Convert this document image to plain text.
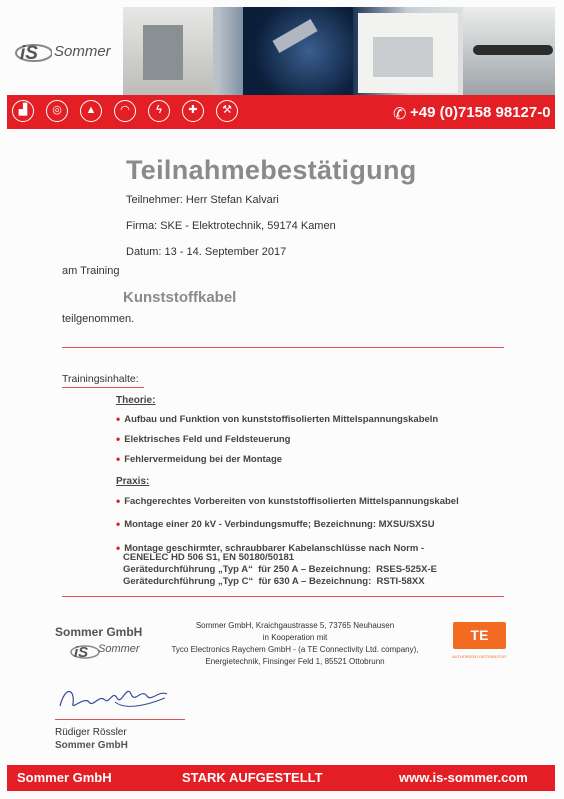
iS Sommer
▟	◎	▲	◠	ϟ	✚	⚒	✆ +49 (0)7158 98127-0
Teilnahmebestätigung
Teilnehmer: Herr Stefan Kalvari
Firma: SKE - Elektrotechnik, 59174 Kamen
Datum: 13 - 14. September 2017
am Training
Kunststoffkabel
teilgenommen.
Trainingsinhalte:
Theorie:
• Aufbau und Funktion von kunststoffisolierten Mittelspannungskabeln
• Elektrisches Feld und Feldsteuerung
• Fehlervermeidung bei der Montage
Praxis:
• Fachgerechtes Vorbereiten von kunststoffisolierten Mittelspannungskabel
• Montage einer 20 kV - Verbindungsmuffe; Bezeichnung: MXSU/SXSU
• Montage geschirmter, schraubbarer Kabelanschlüsse nach Norm -
CENELEC HD 506 S1, EN 50180/50181
Gerätedurchführung „Typ A“  für 250 A – Bezeichnung:  RSES-525X-E
Gerätedurchführung „Typ C“  für 630 A – Bezeichnung:  RSTI-58XX
Sommer GmbH
iS Sommer
Sommer GmbH, Kraichgaustrasse 5, 73765 Neuhausen
in Kooperation mit
Tyco Electronics Raychem GmbH - (a TE Connectivity Ltd. company),
Energietechnik, Finsinger Feld 1, 85521 Ottobrunn
TE
AUTHORIZED DISTRIBUTOR
Rüdiger Rössler
Sommer GmbH
Sommer GmbH	STARK AUFGESTELLT	www.is-sommer.com
